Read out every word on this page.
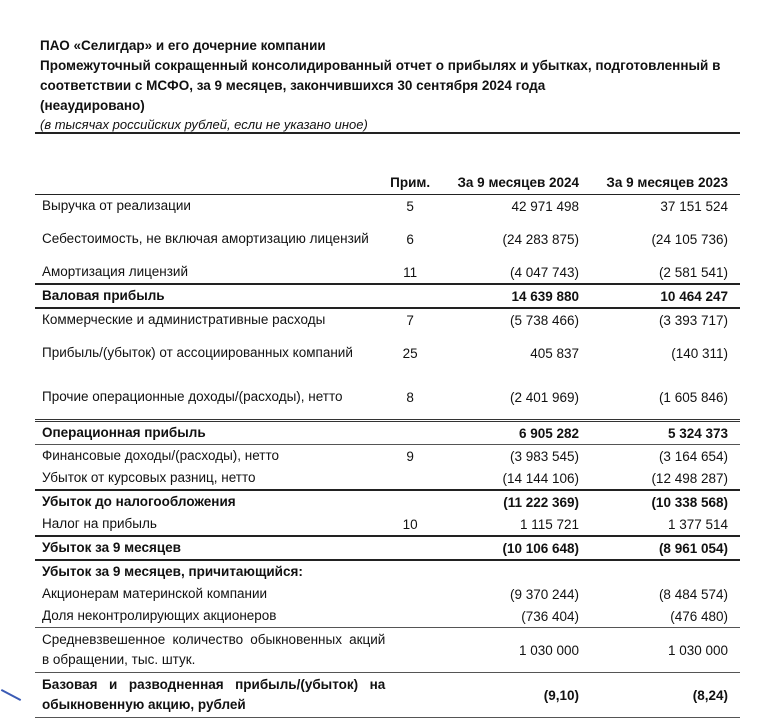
ПАО «Селигдар» и его дочерние компании
Промежуточный сокращенный консолидированный отчет о прибылях и убытках, подготовленный в
соответствии с МСФО, за 9 месяцев, закончившихся 30 сентября 2024 года
(неаудировано)
(в тысячах российских рублей, если не указано иное)
	Прим.	За 9 месяцев 2024	За 9 месяцев 2023
Выручка от реализации	5	42 971 498	37 151 524
Себестоимость, не включая амортизацию лицензий	6	(24 283 875)	(24 105 736)
Амортизация лицензий	11	(4 047 743)	(2 581 541)
Валовая прибыль		14 639 880	10 464 247
Коммерческие и административные расходы	7	(5 738 466)	(3 393 717)
Прибыль/(убыток) от ассоциированных компаний	25	405 837	(140 311)
Прочие операционные доходы/(расходы), нетто	8	(2 401 969)	(1 605 846)
Операционная прибыль		6 905 282	5 324 373
Финансовые доходы/(расходы), нетто	9	(3 983 545)	(3 164 654)
Убыток от курсовых разниц, нетто		(14 144 106)	(12 498 287)
Убыток до налогообложения		(11 222 369)	(10 338 568)
Налог на прибыль	10	1 115 721	1 377 514
Убыток за 9 месяцев		(10 106 648)	(8 961 054)
Убыток за 9 месяцев, причитающийся:			
Акционерам материнской компании		(9 370 244)	(8 484 574)
Доля неконтролирующих акционеров		(736 404)	(476 480)
Средневзвешенное количество обыкновенных акций в обращении, тыс. штук.		1 030 000	1 030 000
Базовая и разводненная прибыль/(убыток) на обыкновенную акцию, рублей		(9,10)	(8,24)
